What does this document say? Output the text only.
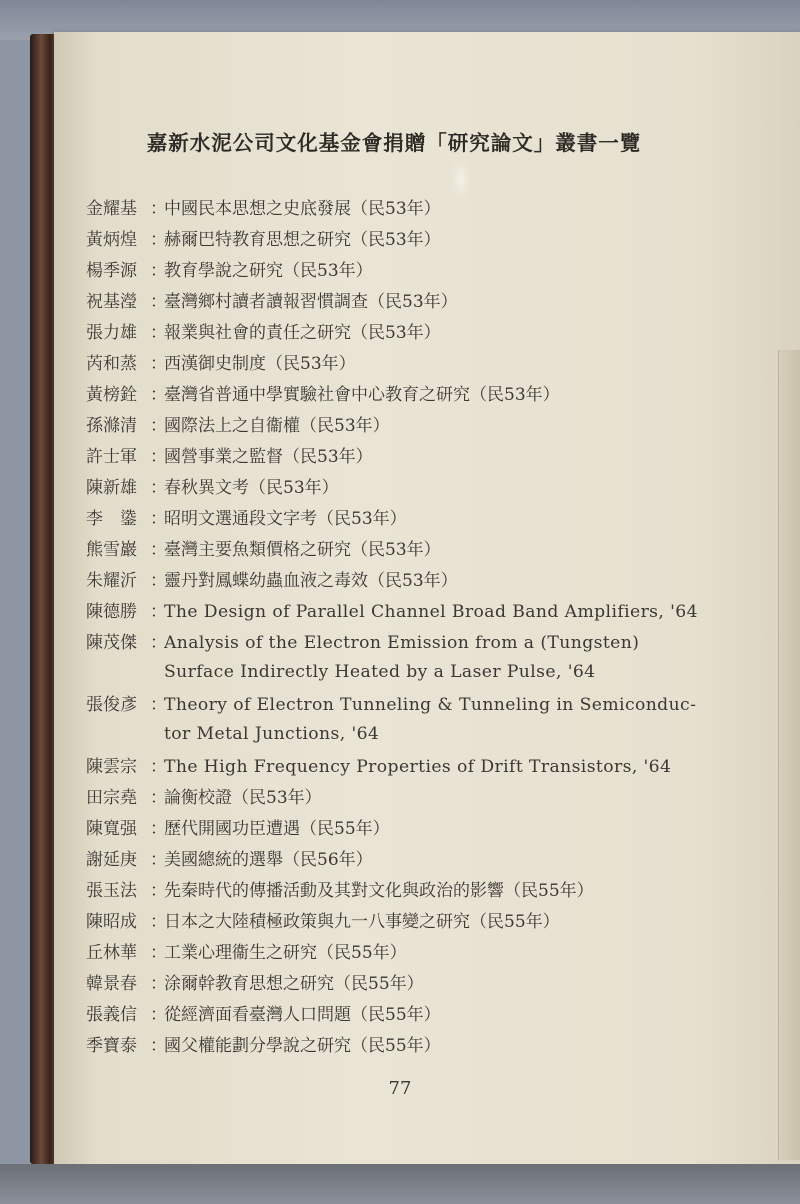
嘉新水泥公司文化基金會捐贈「研究論文」叢書一覽
金耀基 ：
中國民本思想之史底發展（民53年）
黃炳煌 ：
赫爾巴特教育思想之研究（民53年）
楊季源 ：
教育學說之研究（民53年）
祝基瀅 ：
臺灣鄉村讀者讀報習慣調查（民53年）
張力雄 ：
報業與社會的責任之研究（民53年）
芮和蒸 ：
西漢御史制度（民53年）
黃榜銓 ：
臺灣省普通中學實驗社會中心教育之研究（民53年）
孫滌清 ：
國際法上之自衞權（民53年）
許士軍 ：
國營事業之監督（民53年）
陳新雄 ：
春秋異文考（民53年）
李　鍌 ：
昭明文選通段文字考（民53年）
熊雪巖 ：
臺灣主要魚類價格之研究（民53年）
朱耀沂 ：
靈丹對鳳蝶幼蟲血液之毒效（民53年）
陳德勝 ：
The Design of Parallel Channel Broad Band Amplifiers, '64
陳茂傑 ：
Analysis of the Electron Emission from a (Tungsten)
Surface Indirectly Heated by a Laser Pulse, '64
張俊彥 ：
Theory of Electron Tunneling & Tunneling in Semiconduc-
tor Metal Junctions, '64
陳雲宗 ：
The High Frequency Properties of Drift Transistors, '64
田宗堯 ：
論衡校證（民53年）
陳寬强 ：
歷代開國功臣遭遇（民55年）
謝延庚 ：
美國總統的選舉（民56年）
張玉法 ：
先秦時代的傳播活動及其對文化與政治的影響（民55年）
陳昭成 ：
日本之大陸積極政策與九一八事變之研究（民55年）
丘林華 ：
工業心理衞生之研究（民55年）
韓景春 ：
涂爾幹教育思想之研究（民55年）
張義信 ：
從經濟面看臺灣人口問題（民55年）
季寶泰 ：
國父權能劃分學說之研究（民55年）
77
